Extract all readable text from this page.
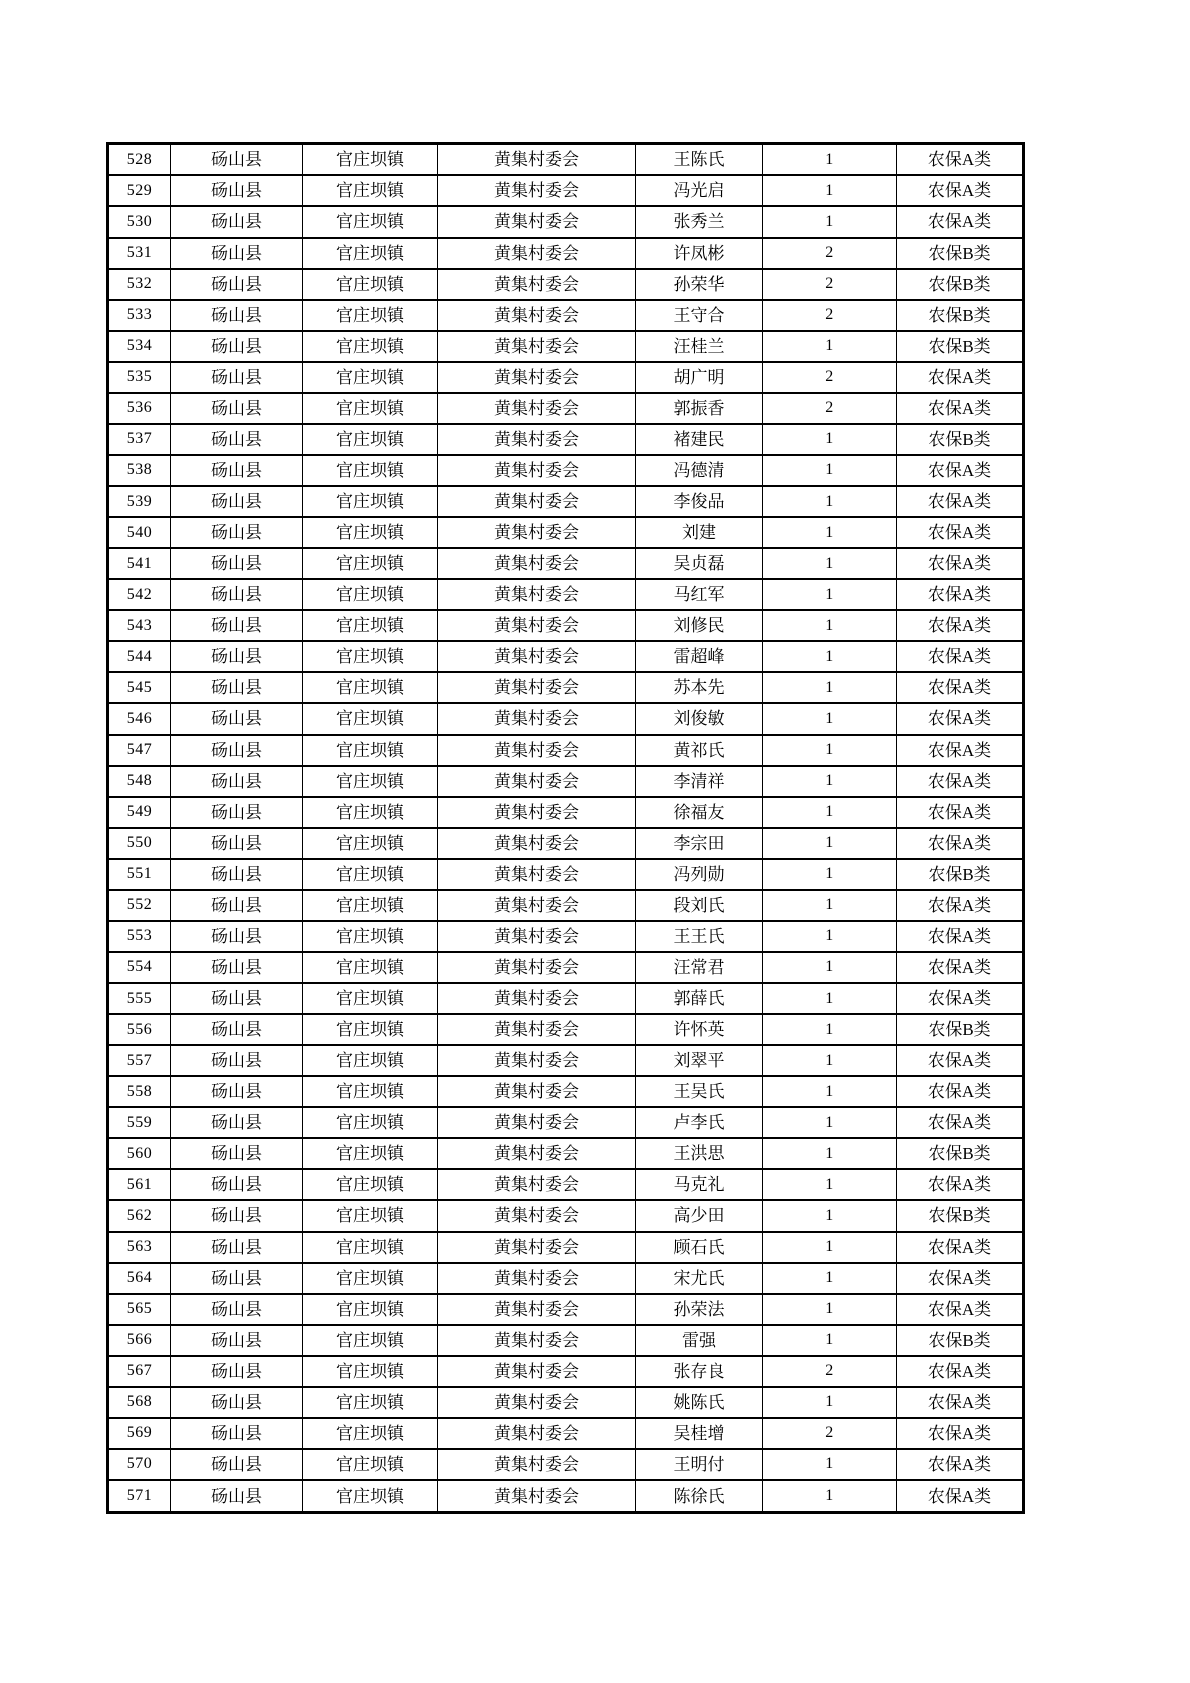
528	砀山县	官庄坝镇	黄集村委会	王陈氏	1	农保A类
529	砀山县	官庄坝镇	黄集村委会	冯光启	1	农保A类
530	砀山县	官庄坝镇	黄集村委会	张秀兰	1	农保A类
531	砀山县	官庄坝镇	黄集村委会	许凤彬	2	农保B类
532	砀山县	官庄坝镇	黄集村委会	孙荣华	2	农保B类
533	砀山县	官庄坝镇	黄集村委会	王守合	2	农保B类
534	砀山县	官庄坝镇	黄集村委会	汪桂兰	1	农保B类
535	砀山县	官庄坝镇	黄集村委会	胡广明	2	农保A类
536	砀山县	官庄坝镇	黄集村委会	郭振香	2	农保A类
537	砀山县	官庄坝镇	黄集村委会	褚建民	1	农保B类
538	砀山县	官庄坝镇	黄集村委会	冯德清	1	农保A类
539	砀山县	官庄坝镇	黄集村委会	李俊品	1	农保A类
540	砀山县	官庄坝镇	黄集村委会	刘建	1	农保A类
541	砀山县	官庄坝镇	黄集村委会	吴贞磊	1	农保A类
542	砀山县	官庄坝镇	黄集村委会	马红军	1	农保A类
543	砀山县	官庄坝镇	黄集村委会	刘修民	1	农保A类
544	砀山县	官庄坝镇	黄集村委会	雷超峰	1	农保A类
545	砀山县	官庄坝镇	黄集村委会	苏本先	1	农保A类
546	砀山县	官庄坝镇	黄集村委会	刘俊敏	1	农保A类
547	砀山县	官庄坝镇	黄集村委会	黄祁氏	1	农保A类
548	砀山县	官庄坝镇	黄集村委会	李清祥	1	农保A类
549	砀山县	官庄坝镇	黄集村委会	徐福友	1	农保A类
550	砀山县	官庄坝镇	黄集村委会	李宗田	1	农保A类
551	砀山县	官庄坝镇	黄集村委会	冯列勋	1	农保B类
552	砀山县	官庄坝镇	黄集村委会	段刘氏	1	农保A类
553	砀山县	官庄坝镇	黄集村委会	王王氏	1	农保A类
554	砀山县	官庄坝镇	黄集村委会	汪常君	1	农保A类
555	砀山县	官庄坝镇	黄集村委会	郭薛氏	1	农保A类
556	砀山县	官庄坝镇	黄集村委会	许怀英	1	农保B类
557	砀山县	官庄坝镇	黄集村委会	刘翠平	1	农保A类
558	砀山县	官庄坝镇	黄集村委会	王吴氏	1	农保A类
559	砀山县	官庄坝镇	黄集村委会	卢李氏	1	农保A类
560	砀山县	官庄坝镇	黄集村委会	王洪思	1	农保B类
561	砀山县	官庄坝镇	黄集村委会	马克礼	1	农保A类
562	砀山县	官庄坝镇	黄集村委会	高少田	1	农保B类
563	砀山县	官庄坝镇	黄集村委会	顾石氏	1	农保A类
564	砀山县	官庄坝镇	黄集村委会	宋尤氏	1	农保A类
565	砀山县	官庄坝镇	黄集村委会	孙荣法	1	农保A类
566	砀山县	官庄坝镇	黄集村委会	雷强	1	农保B类
567	砀山县	官庄坝镇	黄集村委会	张存良	2	农保A类
568	砀山县	官庄坝镇	黄集村委会	姚陈氏	1	农保A类
569	砀山县	官庄坝镇	黄集村委会	吴桂增	2	农保A类
570	砀山县	官庄坝镇	黄集村委会	王明付	1	农保A类
571	砀山县	官庄坝镇	黄集村委会	陈徐氏	1	农保A类
